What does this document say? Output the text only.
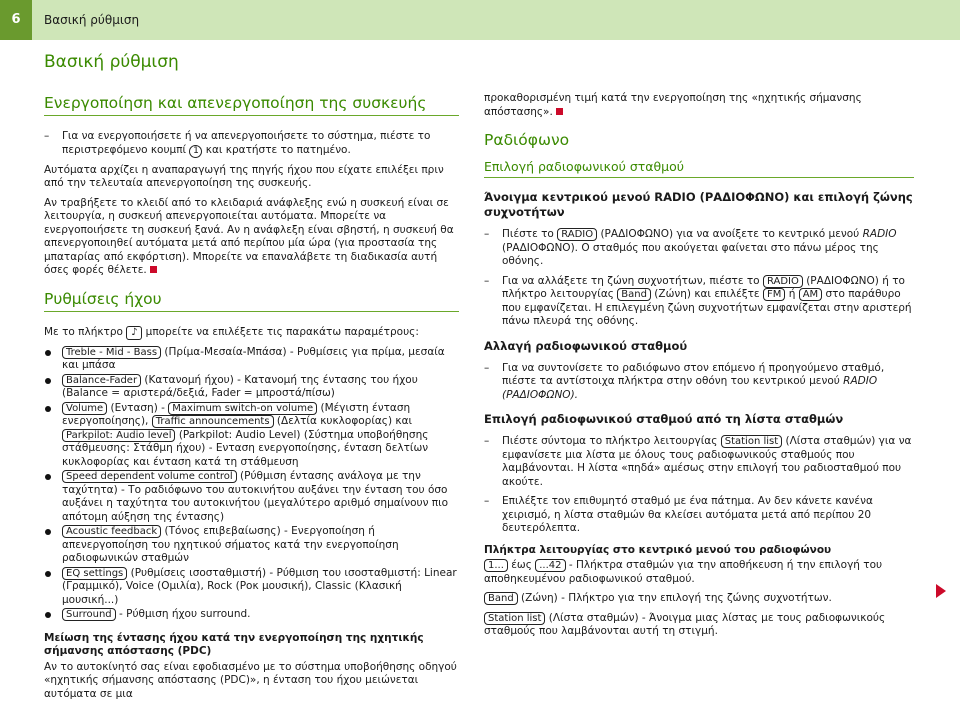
6	Βασική ρύθμιση
Βασική ρύθμιση
Ενεργοποίηση και απενεργοποίηση της συσκευής
– Για να ενεργοποιήσετε ή να απενεργοποιήσετε το σύστημα, πιέστε το περιστρεφόμενο κουμπί 1 και κρατήστε το πατημένο.

Αυτόματα αρχίζει η αναπαραγωγή της πηγής ήχου που είχατε επιλέξει πριν από την τελευταία απενεργοποίηση της συσκευής.

Αν τραβήξετε το κλειδί από το κλειδαριά ανάφλεξης ενώ η συσκευή είναι σε λειτουργία, η συσκευή απενεργοποιείται αυτόματα. Μπορείτε να ενεργοποιήσετε τη συσκευή ξανά. Αν η ανάφλεξη είναι σβηστή, η συσκευή θα απενεργοποιηθεί αυτόματα μετά από περίπου μία ώρα (για προστασία της μπαταρίας από εκφόρτιση). Μπορείτε να επαναλάβετε τη διαδικασία αυτή όσες φορές θέλετε.

Ρυθμίσεις ήχου

Με το πλήκτρο ♪ μπορείτε να επιλέξετε τις παρακάτω παραμέτρους:

Treble - Mid - Bass (Πρίμα-Μεσαία-Μπάσα) - Ρυθμίσεις για πρίμα, μεσαία και μπάσα
Balance-Fader (Κατανομή ήχου) - Κατανομή της έντασης του ήχου (Balance = αριστερά/δεξιά, Fader = μπροστά/πίσω)
Volume (Ενταση) - Maximum switch-on volume (Μέγιστη ένταση ενεργοποίησης), Traffic announcements (Δελτία κυκλοφορίας) και Parkpilot: Audio level (Parkpilot: Audio Level) (Σύστημα υποβοήθησης στάθμευσης: Στάθμη ήχου) - Ενταση ενεργοποίησης, ένταση δελτίων κυκλοφορίας και ένταση κατά τη στάθμευση
Speed dependent volume control (Ρύθμιση έντασης ανάλογα με την ταχύτητα) - Το ραδιόφωνο του αυτοκινήτου αυξάνει την ένταση του όσο αυξάνει η ταχύτητα του αυτοκινήτου (μεγαλύτερο αριθμό σημαίνουν πιο απότομη αύξηση της έντασης)
Acoustic feedback (Τόνος επιβεβαίωσης) - Ενεργοποίηση ή απενεργοποίηση του ηχητικού σήματος κατά την ενεργοποίηση ραδιοφωνικών σταθμών
EQ settings (Ρυθμίσεις ισοσταθμιστή) - Ρύθμιση του ισοσταθμιστή: Linear (Γραμμικό), Voice (Ομιλία), Rock (Ροκ μουσική), Classic (Κλασική μουσική...)
Surround - Ρύθμιση ήχου surround.
Μείωση της έντασης ήχου κατά την ενεργοποίηση της ηχητικής σήμανσης απόστασης (PDC)

Αν το αυτοκίνητό σας είναι εφοδιασμένο με το σύστημα υποβοήθησης οδηγού «ηχητικής σήμανσης απόστασης (PDC)», η ένταση του ήχου μειώνεται αυτόματα σε μια

προκαθορισμένη τιμή κατά την ενεργοποίηση της «ηχητικής σήμανσης απόστασης».

Ραδιόφωνο
Επιλογή ραδιοφωνικού σταθμού
Άνοιγμα κεντρικού μενού RADIO (ΡΑΔΙΟΦΩΝΟ) και επιλογή ζώνης συχνοτήτων
– Πιέστε το RADIO (ΡΑΔΙΟΦΩΝΟ) για να ανοίξετε το κεντρικό μενού RADIO (ΡΑΔΙΟΦΩΝΟ). Ο σταθμός που ακούγεται φαίνεται στο πάνω μέρος της οθόνης.
– Για να αλλάξετε τη ζώνη συχνοτήτων, πιέστε το RADIO (ΡΑΔΙΟΦΩΝΟ) ή το πλήκτρο λειτουργίας Band (Ζώνη) και επιλέξτε FM ή AM στο παράθυρο που εμφανίζεται. Η επιλεγμένη ζώνη συχνοτήτων εμφανίζεται στην αριστερή πάνω πλευρά της οθόνης.
Αλλαγή ραδιοφωνικού σταθμού
– Για να συντονίσετε το ραδιόφωνο στον επόμενο ή προηγούμενο σταθμό, πιέστε τα αντίστοιχα πλήκτρα στην οθόνη του κεντρικού μενού RADIO (ΡΑΔΙΟΦΩΝΟ).
Επιλογή ραδιοφωνικού σταθμού από τη λίστα σταθμών
– Πιέστε σύντομα το πλήκτρο λειτουργίας Station list (Λίστα σταθμών) για να εμφανίσετε μια λίστα με όλους τους ραδιοφωνικούς σταθμούς που λαμβάνονται. Η λίστα «πηδά» αμέσως στην επιλογή του ραδιοσταθμού που ακούτε.
– Επιλέξτε τον επιθυμητό σταθμό με ένα πάτημα. Αν δεν κάνετε κανένα χειρισμό, η λίστα σταθμών θα κλείσει αυτόματα μετά από περίπου 20 δευτερόλεπτα.
Πλήκτρα λειτουργίας στο κεντρικό μενού του ραδιοφώνου

1... έως ...42 - Πλήκτρα σταθμών για την αποθήκευση ή την επιλογή του αποθηκευμένου ραδιοφωνικού σταθμού.

Band (Ζώνη) - Πλήκτρο για την επιλογή της ζώνης συχνοτήτων.

Station list (Λίστα σταθμών) - Άνοιγμα μιας λίστας με τους ραδιοφωνικούς σταθμούς που λαμβάνονται αυτή τη στιγμή.
